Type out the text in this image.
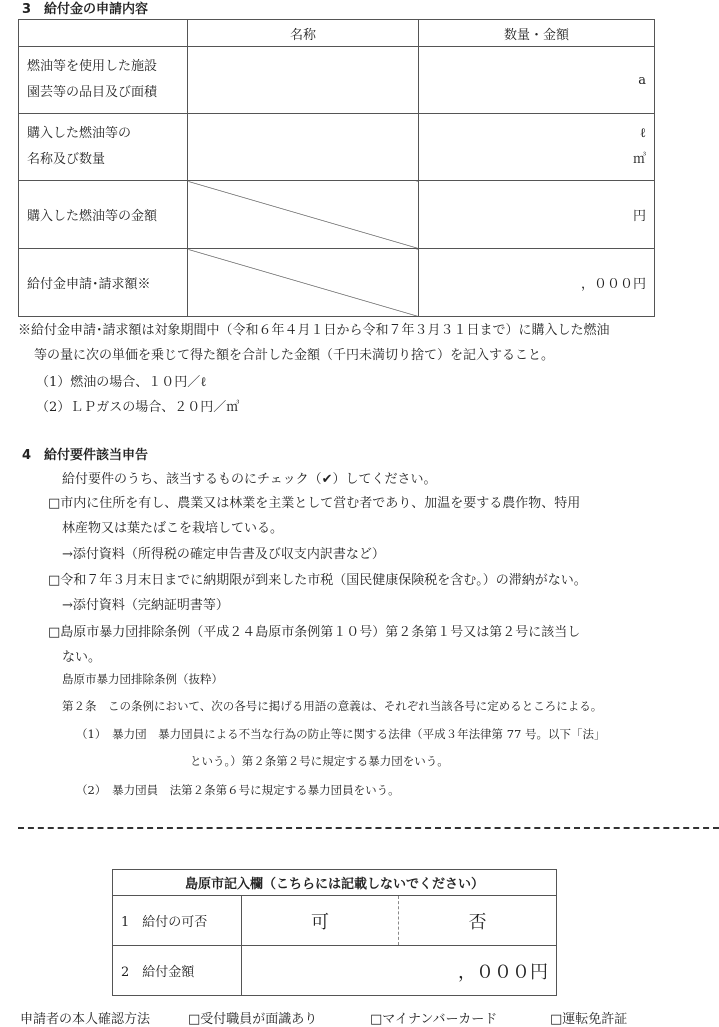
3　給付金の申請内容
	名称	数量・金額
燃油等を使用した施設
園芸等の品目及び面積		a
購入した燃油等の
名称及び数量		ℓ
㎥
購入した燃油等の金額		円
給付金申請･請求額※		，０００円
※給付金申請･請求額は対象期間中（令和６年４月１日から令和７年３月３１日まで）に購入した燃油
等の量に次の単価を乗じて得た額を合計した金額（千円未満切り捨て）を記入すること。
（1）燃油の場合、１０円／ℓ
（2）ＬＰガスの場合、２０円／㎥
4　給付要件該当申告
給付要件のうち、該当するものにチェック（✔）してください。
□市内に住所を有し、農業又は林業を主業として営む者であり、加温を要する農作物、特用
林産物又は葉たばこを栽培している。
→添付資料（所得税の確定申告書及び収支内訳書など）
□令和７年３月末日までに納期限が到来した市税（国民健康保険税を含む。）の滞納がない。
→添付資料（完納証明書等）
□島原市暴力団排除条例（平成２４島原市条例第１０号）第２条第１号又は第２号に該当し
ない。
島原市暴力団排除条例（抜粋）
第２条　この条例において、次の各号に掲げる用語の意義は、それぞれ当該各号に定めるところによる。
（1）　暴力団　暴力団員による不当な行為の防止等に関する法律（平成３年法律第 77 号。以下「法」
という。）第２条第２号に規定する暴力団をいう。
（2）　暴力団員　法第２条第６号に規定する暴力団員をいう。
島原市記入欄（こちらには記載しないでください）		
1　給付の可否	可	否
2　給付金額	，０００円	
申請者の本人確認方法	□受付職員が面識あり	□マイナンバーカード	□運転免許証
